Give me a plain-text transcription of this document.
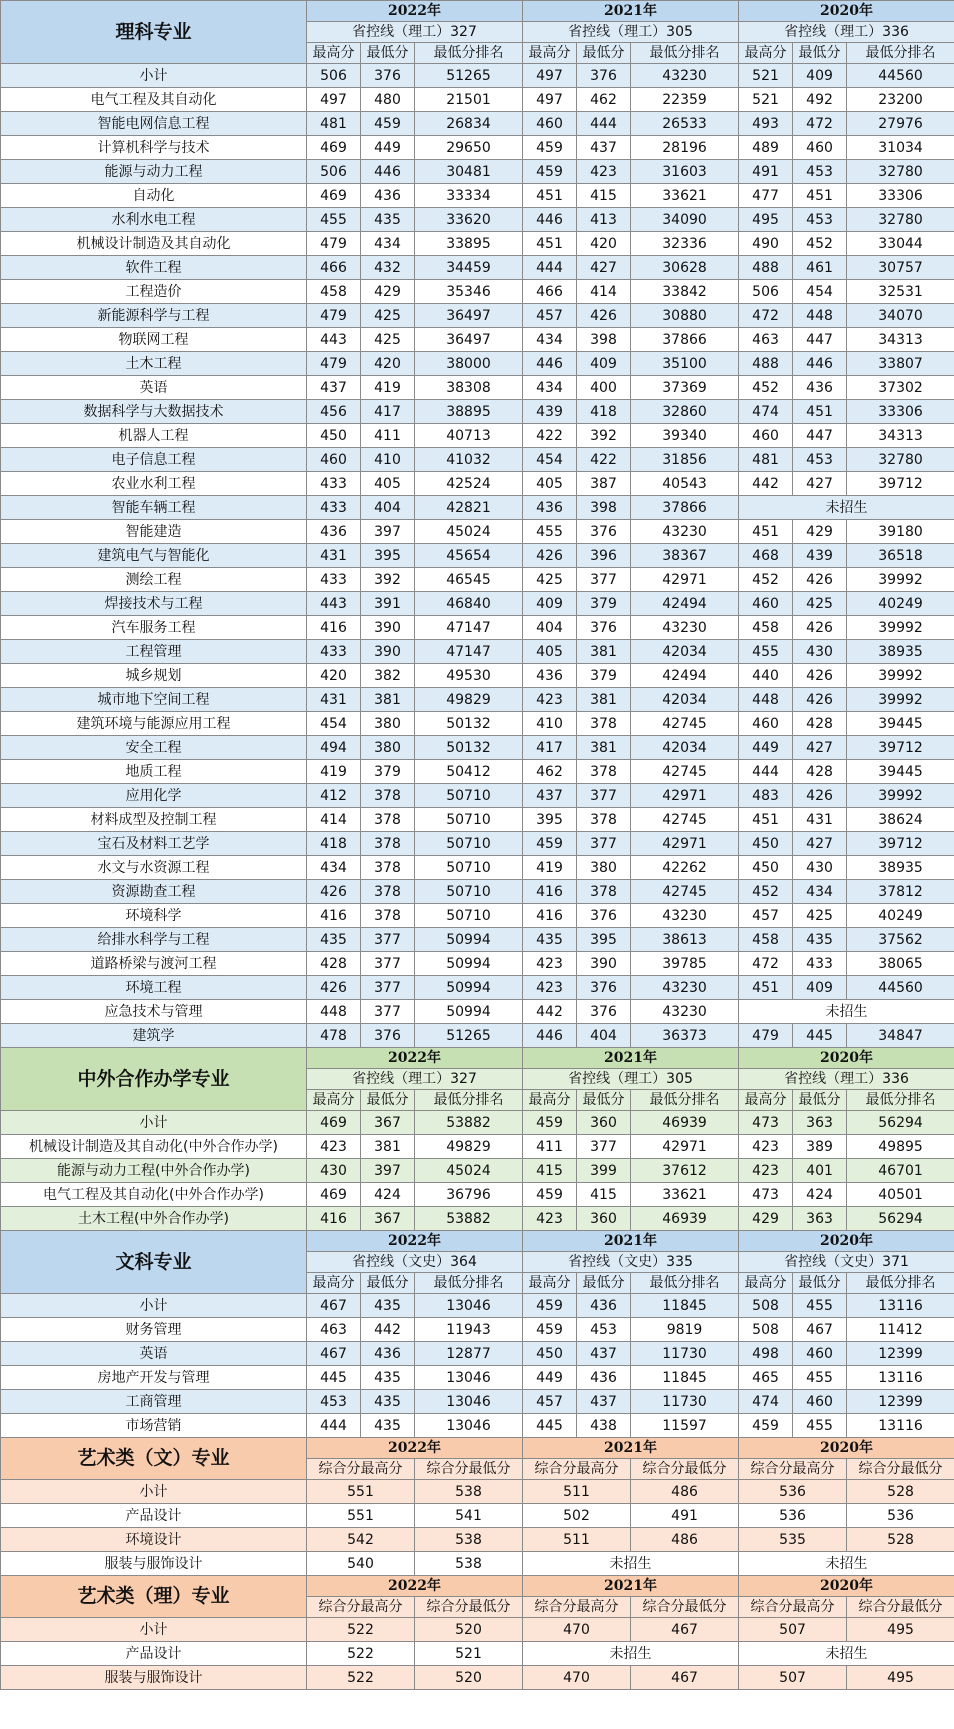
理科专业	2022年			2021年			2020年		
	省控线（理工）327			省控线（理工）305			省控线（理工）336		
	最高分	最低分	最低分排名	最高分	最低分	最低分排名	最高分	最低分	最低分排名
小计	506	376	51265	497	376	43230	521	409	44560
电气工程及其自动化	497	480	21501	497	462	22359	521	492	23200
智能电网信息工程	481	459	26834	460	444	26533	493	472	27976
计算机科学与技术	469	449	29650	459	437	28196	489	460	31034
能源与动力工程	506	446	30481	459	423	31603	491	453	32780
自动化	469	436	33334	451	415	33621	477	451	33306
水利水电工程	455	435	33620	446	413	34090	495	453	32780
机械设计制造及其自动化	479	434	33895	451	420	32336	490	452	33044
软件工程	466	432	34459	444	427	30628	488	461	30757
工程造价	458	429	35346	466	414	33842	506	454	32531
新能源科学与工程	479	425	36497	457	426	30880	472	448	34070
物联网工程	443	425	36497	434	398	37866	463	447	34313
土木工程	479	420	38000	446	409	35100	488	446	33807
英语	437	419	38308	434	400	37369	452	436	37302
数据科学与大数据技术	456	417	38895	439	418	32860	474	451	33306
机器人工程	450	411	40713	422	392	39340	460	447	34313
电子信息工程	460	410	41032	454	422	31856	481	453	32780
农业水利工程	433	405	42524	405	387	40543	442	427	39712
智能车辆工程	433	404	42821	436	398	37866	未招生		
智能建造	436	397	45024	455	376	43230	451	429	39180
建筑电气与智能化	431	395	45654	426	396	38367	468	439	36518
测绘工程	433	392	46545	425	377	42971	452	426	39992
焊接技术与工程	443	391	46840	409	379	42494	460	425	40249
汽车服务工程	416	390	47147	404	376	43230	458	426	39992
工程管理	433	390	47147	405	381	42034	455	430	38935
城乡规划	420	382	49530	436	379	42494	440	426	39992
城市地下空间工程	431	381	49829	423	381	42034	448	426	39992
建筑环境与能源应用工程	454	380	50132	410	378	42745	460	428	39445
安全工程	494	380	50132	417	381	42034	449	427	39712
地质工程	419	379	50412	462	378	42745	444	428	39445
应用化学	412	378	50710	437	377	42971	483	426	39992
材料成型及控制工程	414	378	50710	395	378	42745	451	431	38624
宝石及材料工艺学	418	378	50710	459	377	42971	450	427	39712
水文与水资源工程	434	378	50710	419	380	42262	450	430	38935
资源勘查工程	426	378	50710	416	378	42745	452	434	37812
环境科学	416	378	50710	416	376	43230	457	425	40249
给排水科学与工程	435	377	50994	435	395	38613	458	435	37562
道路桥梁与渡河工程	428	377	50994	423	390	39785	472	433	38065
环境工程	426	377	50994	423	376	43230	451	409	44560
应急技术与管理	448	377	50994	442	376	43230	未招生		
建筑学	478	376	51265	446	404	36373	479	445	34847
中外合作办学专业	2022年			2021年			2020年		
	省控线（理工）327			省控线（理工）305			省控线（理工）336		
	最高分	最低分	最低分排名	最高分	最低分	最低分排名	最高分	最低分	最低分排名
小计	469	367	53882	459	360	46939	473	363	56294
机械设计制造及其自动化(中外合作办学)	423	381	49829	411	377	42971	423	389	49895
能源与动力工程(中外合作办学)	430	397	45024	415	399	37612	423	401	46701
电气工程及其自动化(中外合作办学)	469	424	36796	459	415	33621	473	424	40501
土木工程(中外合作办学)	416	367	53882	423	360	46939	429	363	56294
文科专业	2022年			2021年			2020年		
	省控线（文史）364			省控线（文史）335			省控线（文史）371		
	最高分	最低分	最低分排名	最高分	最低分	最低分排名	最高分	最低分	最低分排名
小计	467	435	13046	459	436	11845	508	455	13116
财务管理	463	442	11943	459	453	9819	508	467	11412
英语	467	436	12877	450	437	11730	498	460	12399
房地产开发与管理	445	435	13046	449	436	11845	465	455	13116
工商管理	453	435	13046	457	437	11730	474	460	12399
市场营销	444	435	13046	445	438	11597	459	455	13116
艺术类（文）专业	2022年			2021年			2020年		
	综合分最高分		综合分最低分	综合分最高分		综合分最低分	综合分最高分		综合分最低分
小计	551		538	511		486	536		528
产品设计	551		541	502		491	536		536
环境设计	542		538	511		486	535		528
服装与服饰设计	540		538	未招生			未招生		
艺术类（理）专业	2022年			2021年			2020年		
	综合分最高分		综合分最低分	综合分最高分		综合分最低分	综合分最高分		综合分最低分
小计	522		520	470		467	507		495
产品设计	522		521	未招生			未招生		
服装与服饰设计	522		520	470		467	507		495
